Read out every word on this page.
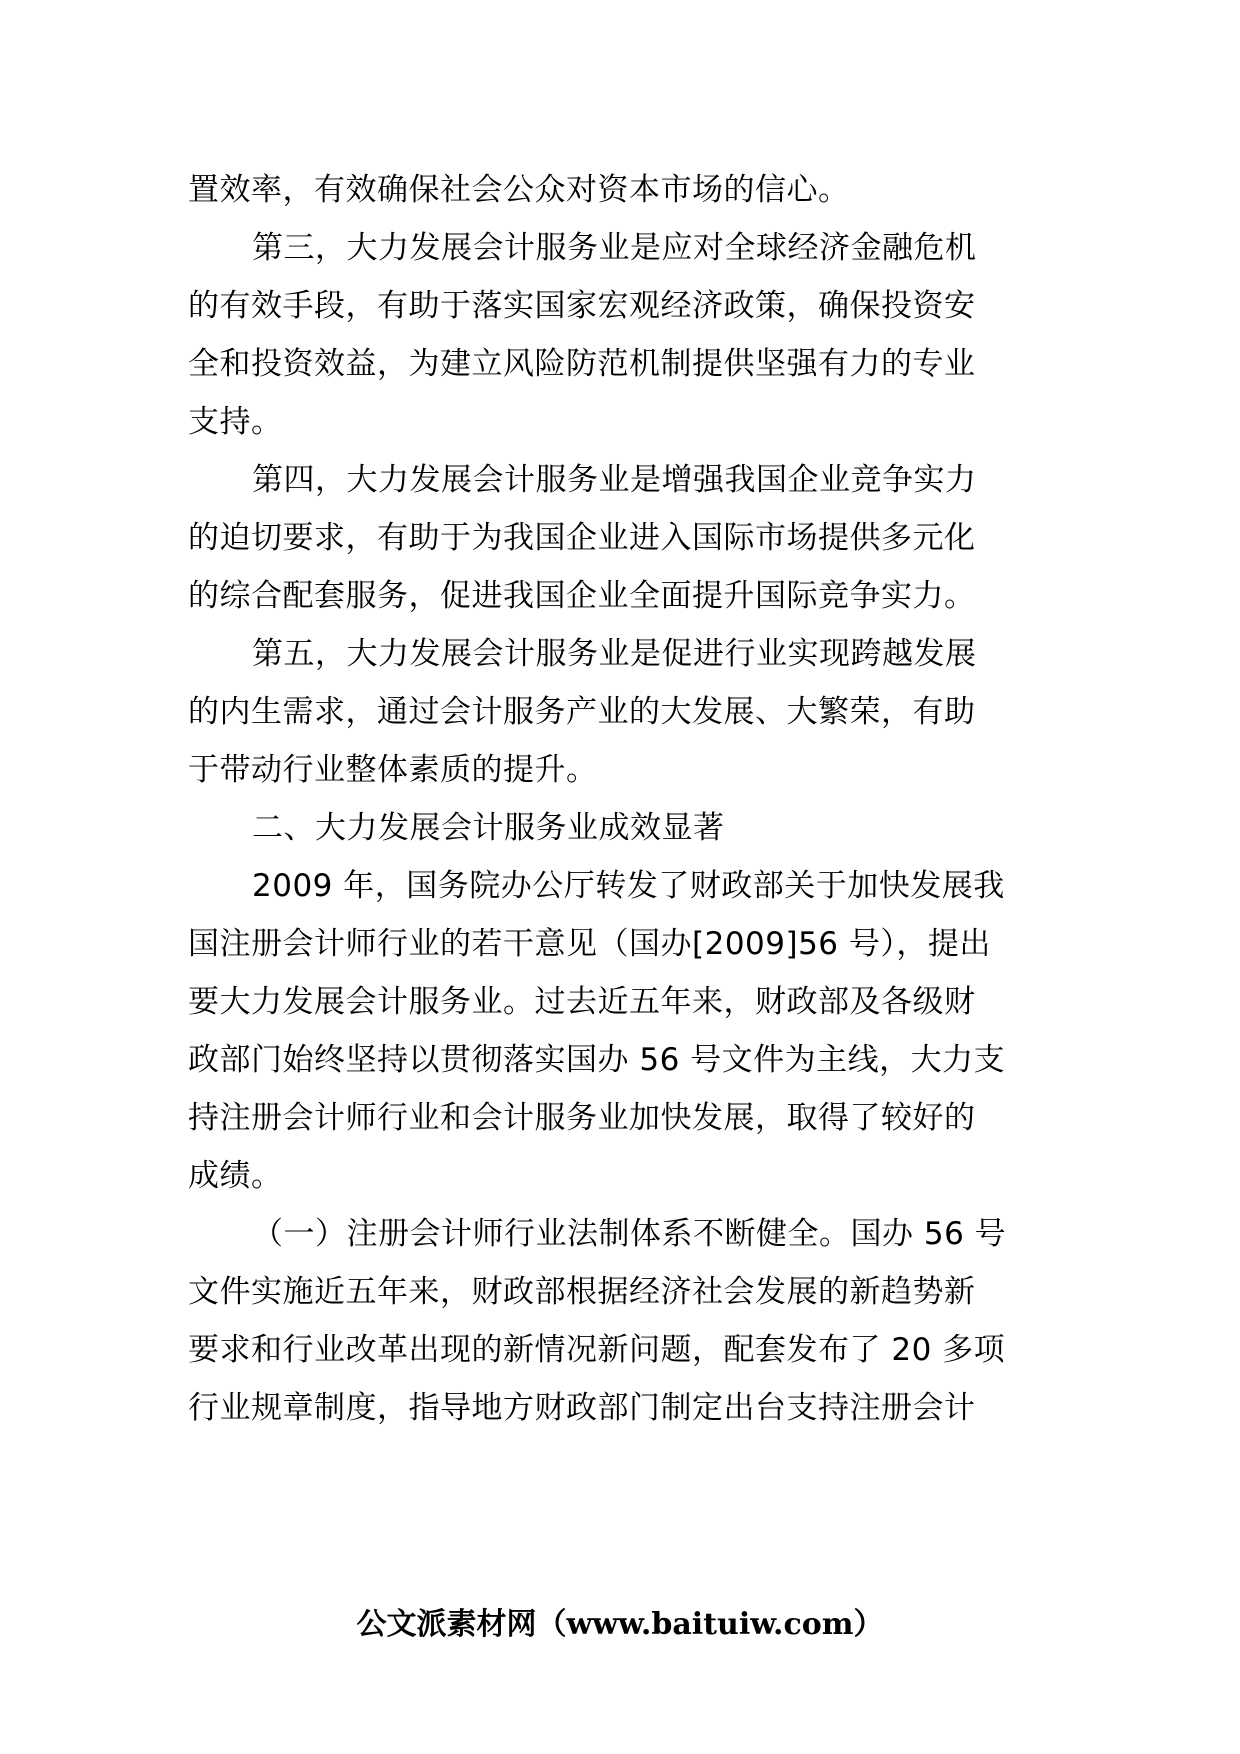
置效率，有效确保社会公众对资本市场的信心。
第三，大力发展会计服务业是应对全球经济金融危机
的有效手段，有助于落实国家宏观经济政策，确保投资安
全和投资效益，为建立风险防范机制提供坚强有力的专业
支持。
第四，大力发展会计服务业是增强我国企业竞争实力
的迫切要求，有助于为我国企业进入国际市场提供多元化
的综合配套服务，促进我国企业全面提升国际竞争实力。
第五，大力发展会计服务业是促进行业实现跨越发展
的内生需求，通过会计服务产业的大发展、大繁荣，有助
于带动行业整体素质的提升。
二、大力发展会计服务业成效显著
2009 年，国务院办公厅转发了财政部关于加快发展我
国注册会计师行业的若干意见（国办[2009]56 号），提出
要大力发展会计服务业。过去近五年来，财政部及各级财
政部门始终坚持以贯彻落实国办 56 号文件为主线，大力支
持注册会计师行业和会计服务业加快发展，取得了较好的
成绩。
（一）注册会计师行业法制体系不断健全。国办 56 号
文件实施近五年来，财政部根据经济社会发展的新趋势新
要求和行业改革出现的新情况新问题，配套发布了 20 多项
行业规章制度，指导地方财政部门制定出台支持注册会计
公文派素材网（www.baituiw.com）
